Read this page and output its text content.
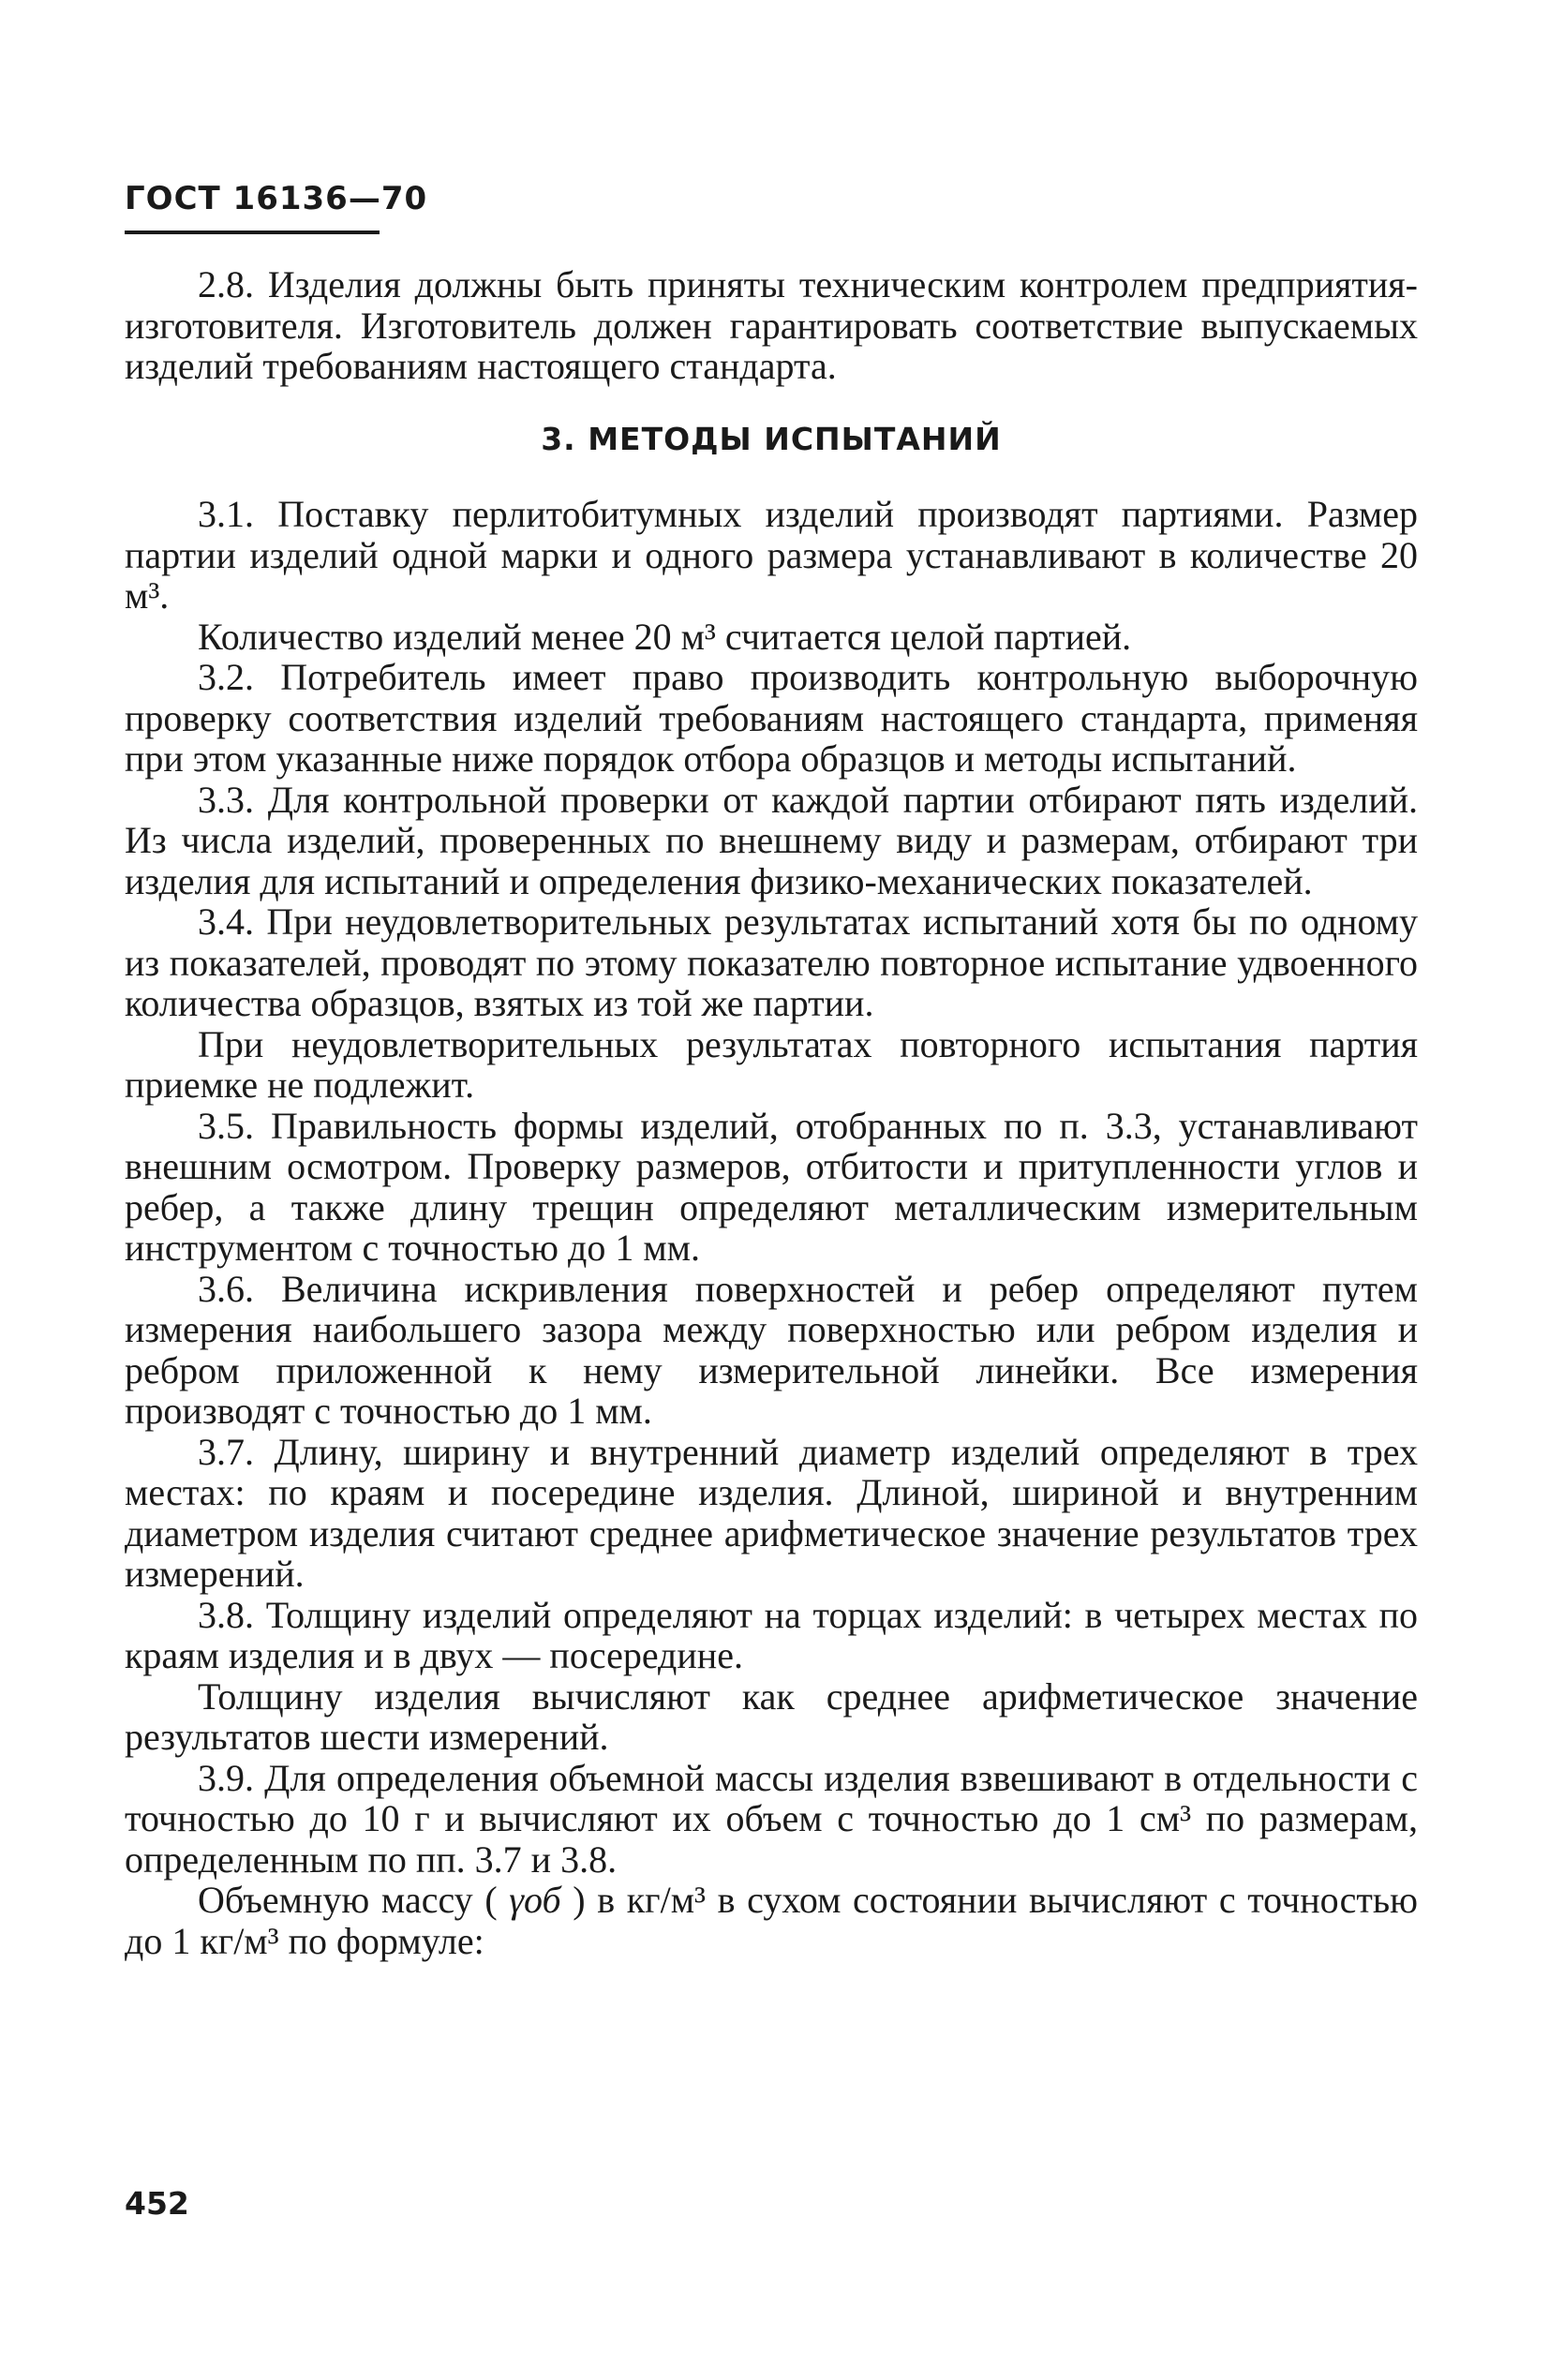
ГОСТ 16136—70

2.8. Изделия должны быть приняты техническим контролем предприятия-изготовителя. Изготовитель должен гарантировать соответствие выпускаемых изделий требованиям настоящего стандарта.

3. МЕТОДЫ ИСПЫТАНИЙ

3.1. Поставку перлитобитумных изделий производят партиями. Размер партии изделий одной марки и одного размера устанавливают в количестве 20 м³.

Количество изделий менее 20 м³ считается целой партией.

3.2. Потребитель имеет право производить контрольную выборочную проверку соответствия изделий требованиям настоящего стандарта, применяя при этом указанные ниже порядок отбора образцов и методы испытаний.

3.3. Для контрольной проверки от каждой партии отбирают пять изделий. Из числа изделий, проверенных по внешнему виду и размерам, отбирают три изделия для испытаний и определения физико-механических показателей.

3.4. При неудовлетворительных результатах испытаний хотя бы по одному из показателей, проводят по этому показателю повторное испытание удвоенного количества образцов, взятых из той же партии.

При неудовлетворительных результатах повторного испытания партия приемке не подлежит.

3.5. Правильность формы изделий, отобранных по п. 3.3, устанавливают внешним осмотром. Проверку размеров, отбитости и притупленности углов и ребер, а также длину трещин определяют металлическим измерительным инструментом с точностью до 1 мм.

3.6. Величина искривления поверхностей и ребер определяют путем измерения наибольшего зазора между поверхностью или ребром изделия и ребром приложенной к нему измерительной линейки. Все измерения производят с точностью до 1 мм.

3.7. Длину, ширину и внутренний диаметр изделий определяют в трех местах: по краям и посередине изделия. Длиной, шириной и внутренним диаметром изделия считают среднее арифметическое значение результатов трех измерений.

3.8. Толщину изделий определяют на торцах изделий: в четырех местах по краям изделия и в двух — посередине.

Толщину изделия вычисляют как среднее арифметическое значение результатов шести измерений.

3.9. Для определения объемной массы изделия взвешивают в отдельности с точностью до 10 г и вычисляют их объем с точностью до 1 см³ по размерам, определенным по пп. 3.7 и 3.8.

Объемную массу ( γоб ) в кг/м³ в сухом состоянии вычисляют с точностью до 1 кг/м³ по формуле:

452
